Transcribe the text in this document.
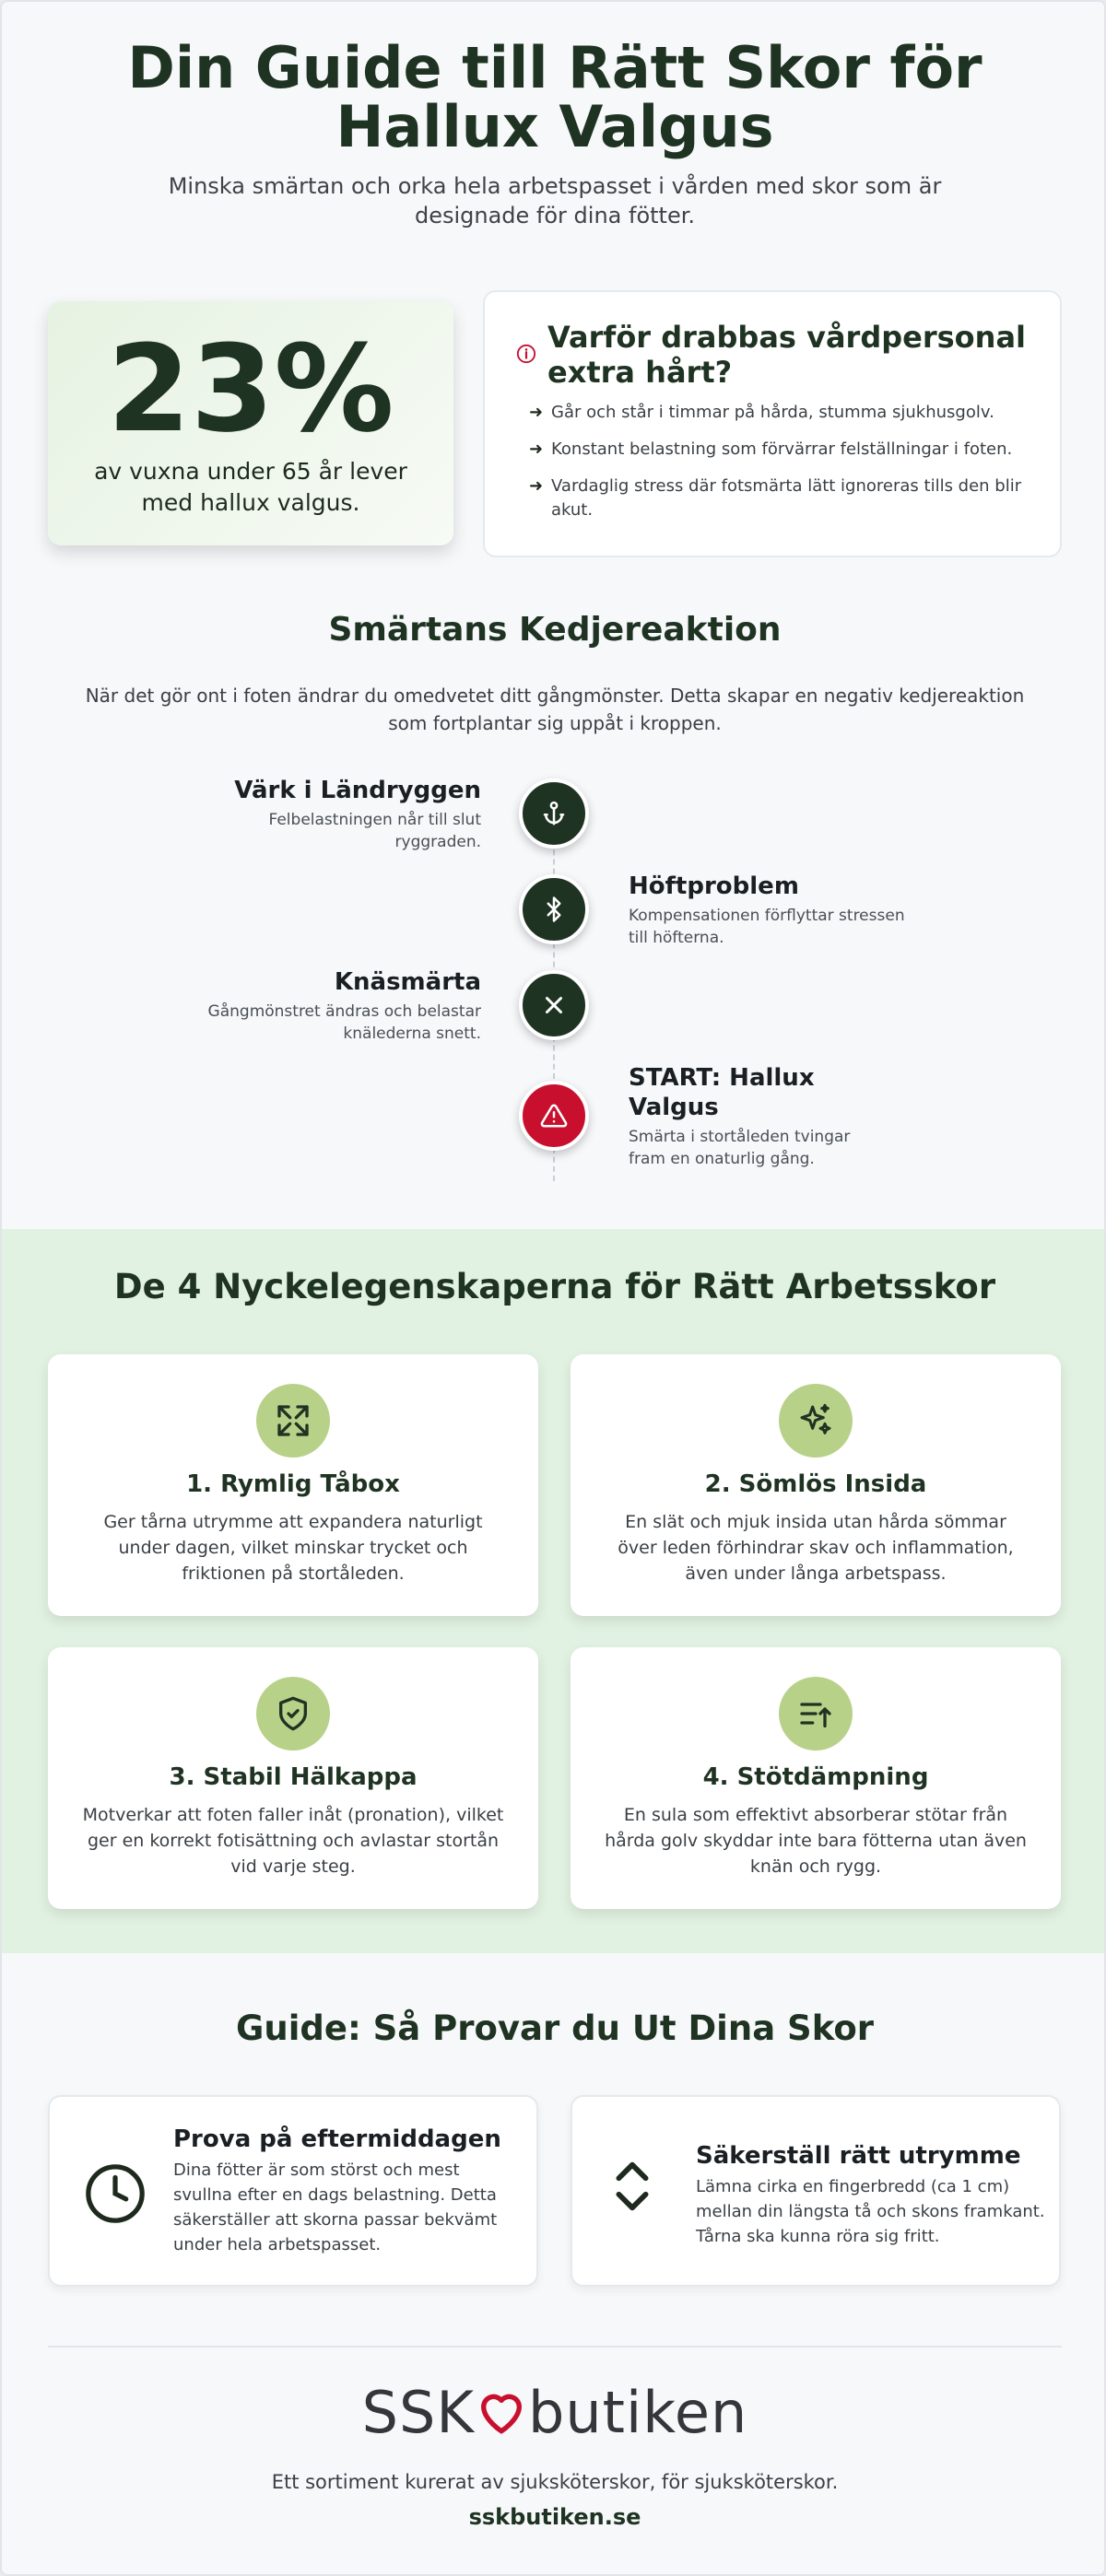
Din Guide till Rätt Skor för
Hallux Valgus

Minska smärtan och orka hela arbetspasset i vården med skor som är designade för dina fötter.

23%
av vuxna under 65 år lever med hallux valgus.
Varför drabbas vårdpersonal extra hårt?
➜ Går och står i timmar på hårda, stumma sjukhusgolv.
➜ Konstant belastning som förvärrar felställningar i foten.
➜ Vardaglig stress där fotsmärta lätt ignoreras tills den blir akut.
Smärtans Kedjereaktion

När det gör ont i foten ändrar du omedvetet ditt gångmönster. Detta skapar en negativ kedjereaktion som fortplantar sig uppåt i kroppen.

Värk i Ländryggen
Felbelastningen når till slut ryggraden.
Höftproblem
Kompensationen förflyttar stressen till höfterna.
Knäsmärta
Gångmönstret ändras och belastar knälederna snett.
START: Hallux Valgus
Smärta i stortåleden tvingar fram en onaturlig gång.
De 4 Nyckelegenskaperna för Rätt Arbetsskor
1. Rymlig Tåbox

Ger tårna utrymme att expandera naturligt under dagen, vilket minskar trycket och friktionen på stortåleden.

2. Sömlös Insida

En slät och mjuk insida utan hårda sömmar över leden förhindrar skav och inflammation, även under långa arbetspass.

3. Stabil Hälkappa

Motverkar att foten faller inåt (pronation), vilket ger en korrekt fotisättning och avlastar stortån vid varje steg.

4. Stötdämpning

En sula som effektivt absorberar stötar från hårda golv skyddar inte bara fötterna utan även knän och rygg.

Guide: Så Provar du Ut Dina Skor
Prova på eftermiddagen

Dina fötter är som störst och mest svullna efter en dags belastning. Detta säkerställer att skorna passar bekvämt under hela arbetspasset.

Säkerställ rätt utrymme

Lämna cirka en fingerbredd (ca 1 cm) mellan din längsta tå och skons framkant. Tårna ska kunna röra sig fritt.

SSK butiken

Ett sortiment kurerat av sjuksköterskor, för sjuksköterskor.

sskbutiken.se
